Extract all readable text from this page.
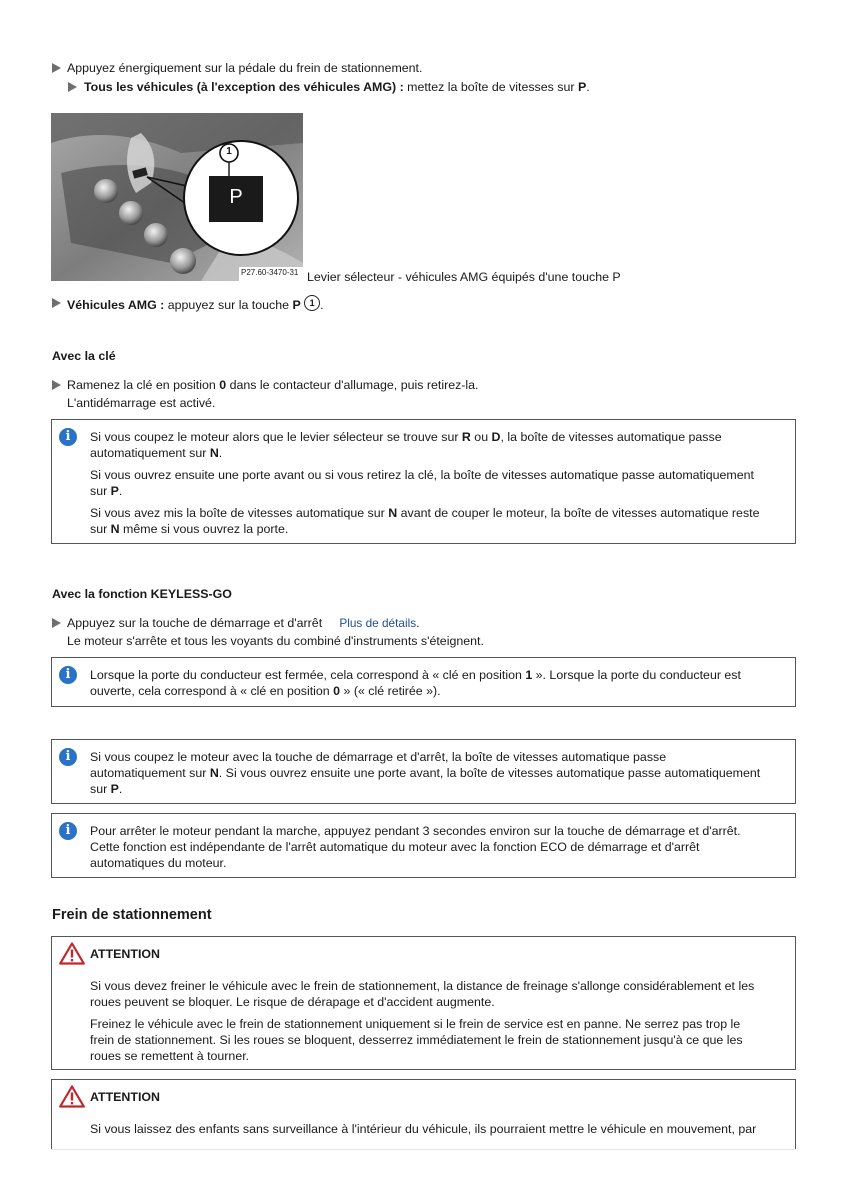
Appuyez énergiquement sur la pédale du frein de stationnement.
Tous les véhicules (à l'exception des véhicules AMG) : mettez la boîte de vitesses sur P.
1
P
P27.60-3470-31 Levier sélecteur - véhicules AMG équipés d'une touche P
Véhicules AMG : appuyez sur la touche P 1 .
Avec la clé
Ramenez la clé en position 0 dans le contacteur d'allumage, puis retirez-la.
L'antidémarrage est activé.
i	Si vous coupez le moteur alors que le levier sélecteur se trouve sur R ou D, la boîte de vitesses automatique passe
automatiquement sur N.

Si vous ouvrez ensuite une porte avant ou si vous retirez la clé, la boîte de vitesses automatique passe automatiquement
sur P.

Si vous avez mis la boîte de vitesses automatique sur N avant de couper le moteur, la boîte de vitesses automatique reste
sur N même si vous ouvrez la porte.

Avec la fonction KEYLESS-GO
Appuyez sur la touche de démarrage et d'arrêt Plus de détails.
Le moteur s'arrête et tous les voyants du combiné d'instruments s'éteignent.
i	Lorsque la porte du conducteur est fermée, cela correspond à « clé en position 1 ». Lorsque la porte du conducteur est
ouverte, cela correspond à « clé en position 0 » (« clé retirée »).

i	Si vous coupez le moteur avec la touche de démarrage et d'arrêt, la boîte de vitesses automatique passe
automatiquement sur N. Si vous ouvrez ensuite une porte avant, la boîte de vitesses automatique passe automatiquement
sur P.

i	Pour arrêter le moteur pendant la marche, appuyez pendant 3 secondes environ sur la touche de démarrage et d'arrêt.
Cette fonction est indépendante de l'arrêt automatique du moteur avec la fonction ECO de démarrage et d'arrêt
automatiques du moteur.

Frein de stationnement
ATTENTION

Si vous devez freiner le véhicule avec le frein de stationnement, la distance de freinage s'allonge considérablement et les
roues peuvent se bloquer. Le risque de dérapage et d'accident augmente.

Freinez le véhicule avec le frein de stationnement uniquement si le frein de service est en panne. Ne serrez pas trop le
frein de stationnement. Si les roues se bloquent, desserrez immédiatement le frein de stationnement jusqu'à ce que les
roues se remettent à tourner.

ATTENTION

Si vous laissez des enfants sans surveillance à l'intérieur du véhicule, ils pourraient mettre le véhicule en mouvement, par
